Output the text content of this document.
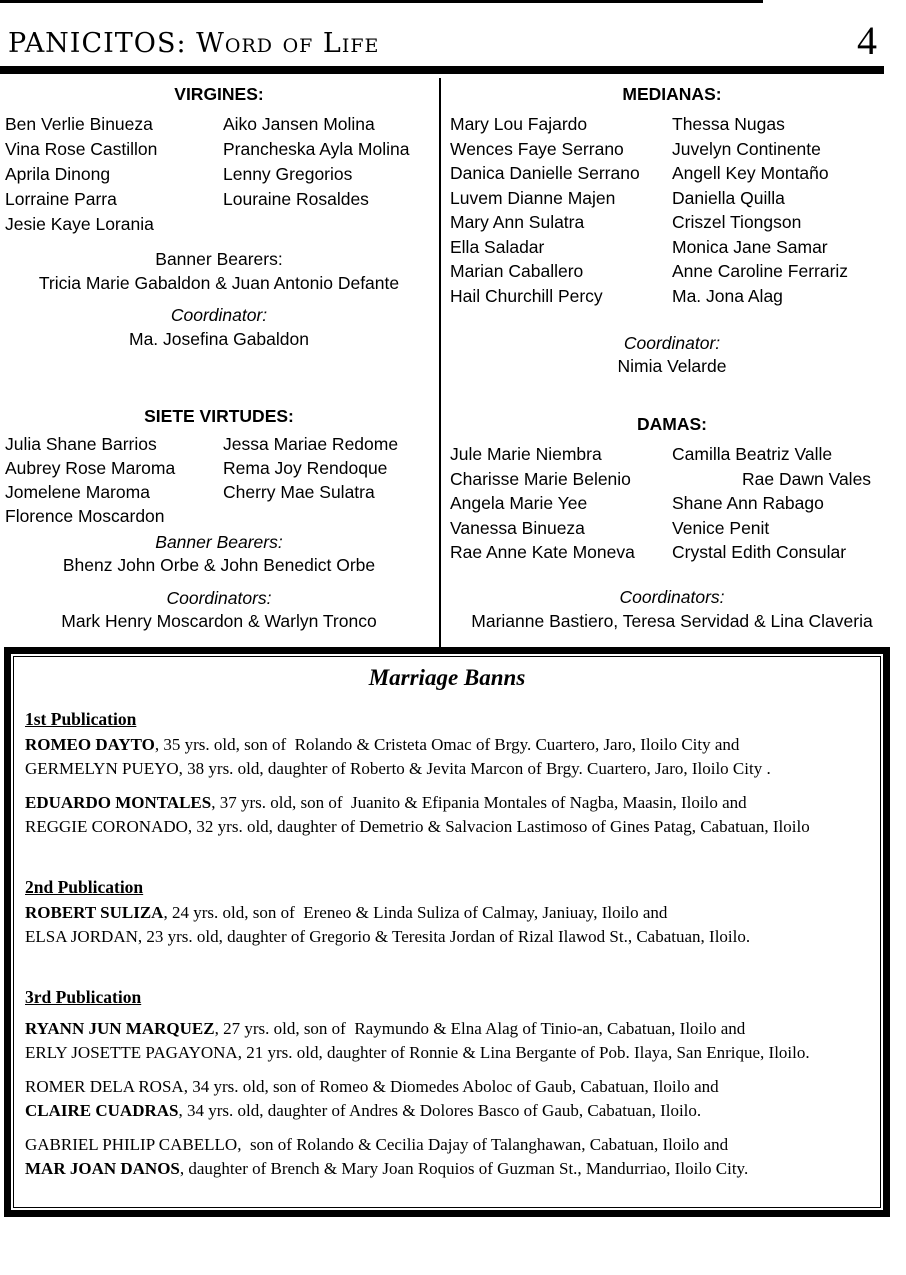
PANICITOS: Word of Life	4
VIRGINES:
Ben Verlie Binueza
Vina Rose Castillon
Aprila Dinong
Lorraine Parra
Jesie Kaye Lorania
Aiko Jansen Molina
Prancheska Ayla Molina
Lenny Gregorios
Louraine Rosaldes
Banner Bearers:
Tricia Marie Gabaldon & Juan Antonio Defante
Coordinator:
Ma. Josefina Gabaldon
SIETE VIRTUDES:
Julia Shane Barrios
Aubrey Rose Maroma
Jomelene Maroma
Florence Moscardon
Jessa Mariae Redome
Rema Joy Rendoque
Cherry Mae Sulatra
Banner Bearers:
Bhenz John Orbe & John Benedict Orbe
Coordinators:
Mark Henry Moscardon & Warlyn Tronco
MEDIANAS:
Mary Lou Fajardo
Wences Faye Serrano
Danica Danielle Serrano
Luvem Dianne Majen
Mary Ann Sulatra
Ella Saladar
Marian Caballero
Hail Churchill Percy
Thessa Nugas
Juvelyn Continente
Angell Key Montaño
Daniella Quilla
Criszel Tiongson
Monica Jane Samar
Anne Caroline Ferrariz
Ma. Jona Alag
Coordinator:
Nimia Velarde
DAMAS:
Jule Marie Niembra
Charisse Marie Belenio
Angela Marie Yee
Vanessa Binueza
Rae Anne Kate Moneva
Camilla Beatriz Valle
Rae Dawn Vales
Shane Ann Rabago
Venice Penit
Crystal Edith Consular
Coordinators:
Marianne Bastiero, Teresa Servidad & Lina Claveria
Marriage Banns
1st Publication
ROMEO DAYTO, 35 yrs. old, son of  Rolando & Cristeta Omac of Brgy. Cuartero, Jaro, Iloilo City and
GERMELYN PUEYO, 38 yrs. old, daughter of Roberto & Jevita Marcon of Brgy. Cuartero, Jaro, Iloilo City .
EDUARDO MONTALES, 37 yrs. old, son of  Juanito & Efipania Montales of Nagba, Maasin, Iloilo and
REGGIE CORONADO, 32 yrs. old, daughter of Demetrio & Salvacion Lastimoso of Gines Patag, Cabatuan, Iloilo
2nd Publication
ROBERT SULIZA, 24 yrs. old, son of  Ereneo & Linda Suliza of Calmay, Janiuay, Iloilo and
ELSA JORDAN, 23 yrs. old, daughter of Gregorio & Teresita Jordan of Rizal Ilawod St., Cabatuan, Iloilo.
3rd Publication
RYANN JUN MARQUEZ, 27 yrs. old, son of  Raymundo & Elna Alag of Tinio-an, Cabatuan, Iloilo and
ERLY JOSETTE PAGAYONA, 21 yrs. old, daughter of Ronnie & Lina Bergante of Pob. Ilaya, San Enrique, Iloilo.
ROMER DELA ROSA, 34 yrs. old, son of Romeo & Diomedes Aboloc of Gaub, Cabatuan, Iloilo and
CLAIRE CUADRAS, 34 yrs. old, daughter of Andres & Dolores Basco of Gaub, Cabatuan, Iloilo.
GABRIEL PHILIP CABELLO,  son of Rolando & Cecilia Dajay of Talanghawan, Cabatuan, Iloilo and
MAR JOAN DANOS, daughter of Brench & Mary Joan Roquios of Guzman St., Mandurriao, Iloilo City.
